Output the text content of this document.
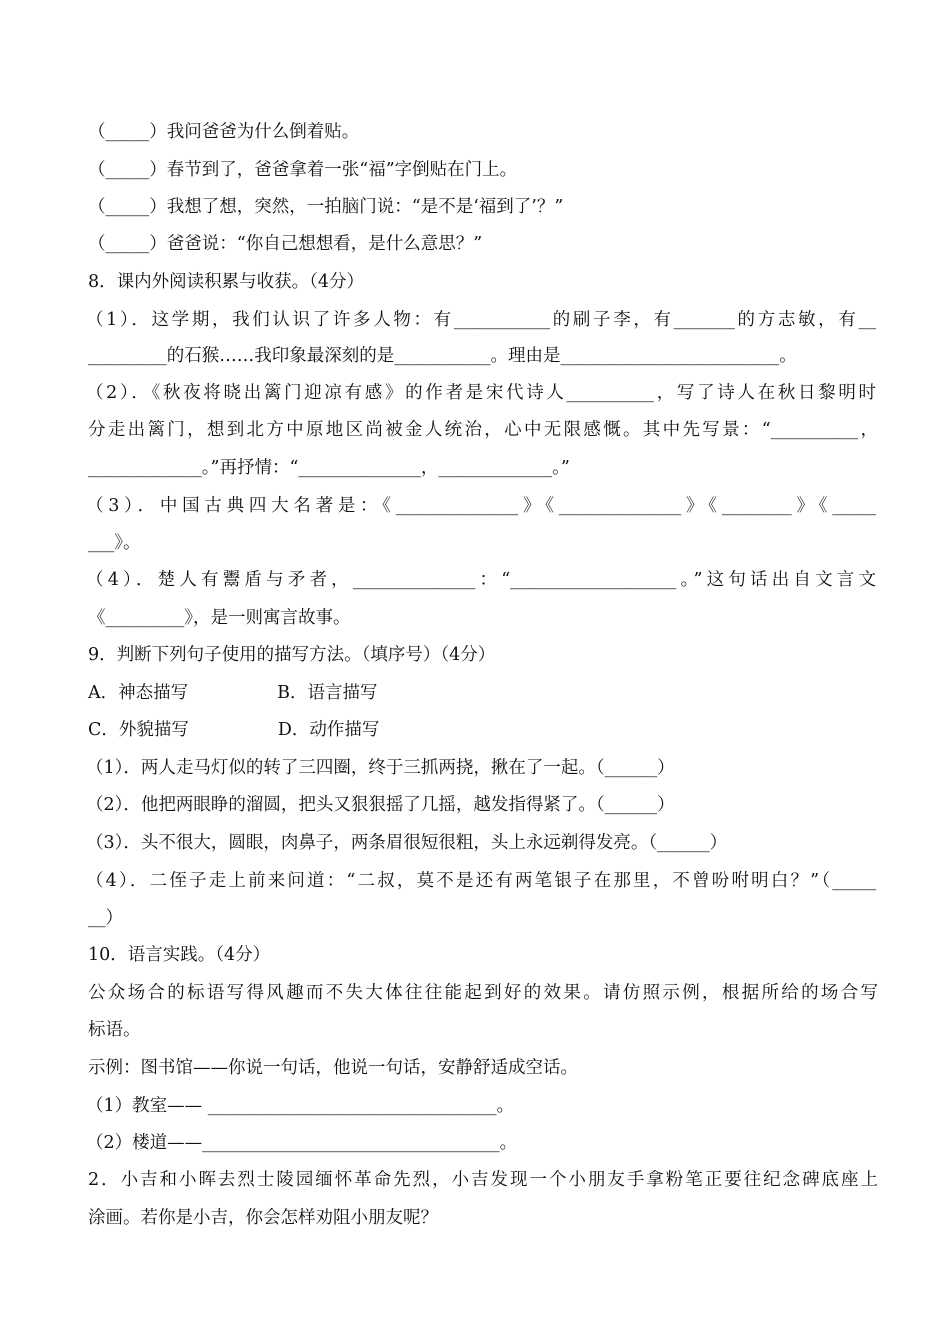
（_____）我问爸爸为什么倒着贴。
（_____）春节到了，爸爸拿着一张“福”字倒贴在门上。
（_____）我想了想，突然，一拍脑门说：“是不是‘福到了’？”
（_____）爸爸说：“你自己想想看，是什么意思？”
8．课内外阅读积累与收获。（4分）
（1）．这学期，我们认识了许多人物：有___________的刷子李，有_______的方志敏，有__
_________的石猴……我印象最深刻的是___________。理由是_________________________。
（2）．《秋夜将晓出篱门迎凉有感》的作者是宋代诗人__________，写了诗人在秋日黎明时
分走出篱门，想到北方中原地区尚被金人统治，心中无限感慨。其中先写景：“__________，
_____________。”再抒情：“______________，_____________。”
（3）．中国古典四大名著是：《______________》《______________》《________》《_____
___》。
（4）．楚人有鬻盾与矛者，______________：“___________________。”这句话出自文言文
《_________》，是一则寓言故事。
9．判断下列句子使用的描写方法。（填序号）（4分）
A．神态描写                B．语言描写
C．外貌描写                D．动作描写
（1）．两人走马灯似的转了三四圈，终于三抓两挠，揪在了一起。（______）
（2）．他把两眼睁的溜圆，把头又狠狠摇了几摇，越发指得紧了。（______）
（3）．头不很大，圆眼，肉鼻子，两条眉很短很粗，头上永远剃得发亮。（______）
（4）．二侄子走上前来问道：“二叔，莫不是还有两笔银子在那里，不曾吩咐明白？”（_____
__）
10．语言实践。（4分）
公众场合的标语写得风趣而不失大体往往能起到好的效果。请仿照示例，根据所给的场合写
标语。
示例：图书馆——你说一句话，他说一句话，安静舒适成空话。
（1）教室—— _________________________________。
（2）楼道——__________________________________。
2．小吉和小晖去烈士陵园缅怀革命先烈，小吉发现一个小朋友手拿粉笔正要往纪念碑底座上
涂画。若你是小吉，你会怎样劝阻小朋友呢？
